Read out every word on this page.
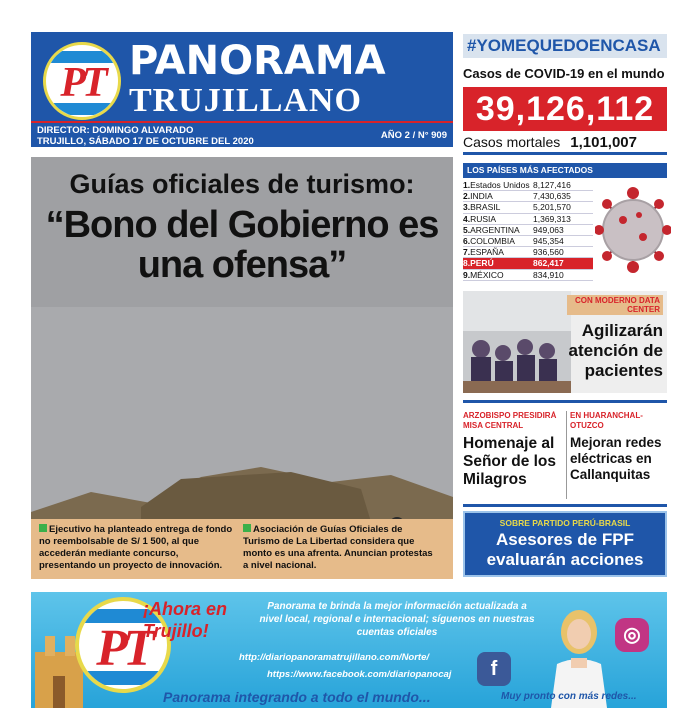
PT PANORAMA
TRUJILLANO
DIRECTOR: DOMINGO ALVARADO
TRUJILLO, SÁBADO 17 DE OCTUBRE DEL 2020
AÑO 2 / N° 909
Guías oficiales de turismo:
“Bono del Gobierno es una ofensa”
Ejecutivo ha planteado entrega de fondo no reembolsable de S/ 1 500, al que accederán mediante concurso, presentando un proyecto de innovación.
Asociación de Guías Oficiales de Turismo de La Libertad considera que monto es una afrenta. Anuncian protestas a nivel nacional.
#YOMEQUEDOENCASA
Casos de COVID-19 en el mundo
39,126,112
Casos mortales 1,101,007
LOS PAÍSES MÁS AFECTADOS
1.Estados Unidos 8,127,416
2.INDIA	7,430,635
3.BRASIL	5,201,570
4.RUSIA	1,369,313
5.ARGENTINA 949,063
6.COLOMBIA 945,354
7.ESPAÑA	936,560
8.PERÚ	862,417
9.MÉXICO	834,910
CON MODERNO DATA CENTER
Agilizarán atención de pacientes
ARZOBISPO PRESIDIRÁ MISA CENTRAL
Homenaje al Señor de los Milagros
EN HUARANCHAL-OTUZCO
Mejoran redes eléctricas en Callanquitas
SOBRE PARTIDO PERÚ-BRASIL
Asesores de FPF evaluarán acciones
PT
¡Ahora en
Trujillo!
Panorama te brinda la mejor información actualizada a nivel local, regional e internacional; síguenos en nuestras cuentas oficiales
http://diariopanoramatrujillano.com/Norte/
https://www.facebook.com/diariopanocaj	f
◎
Panorama integrando a todo el mundo...	Muy pronto con más redes...
